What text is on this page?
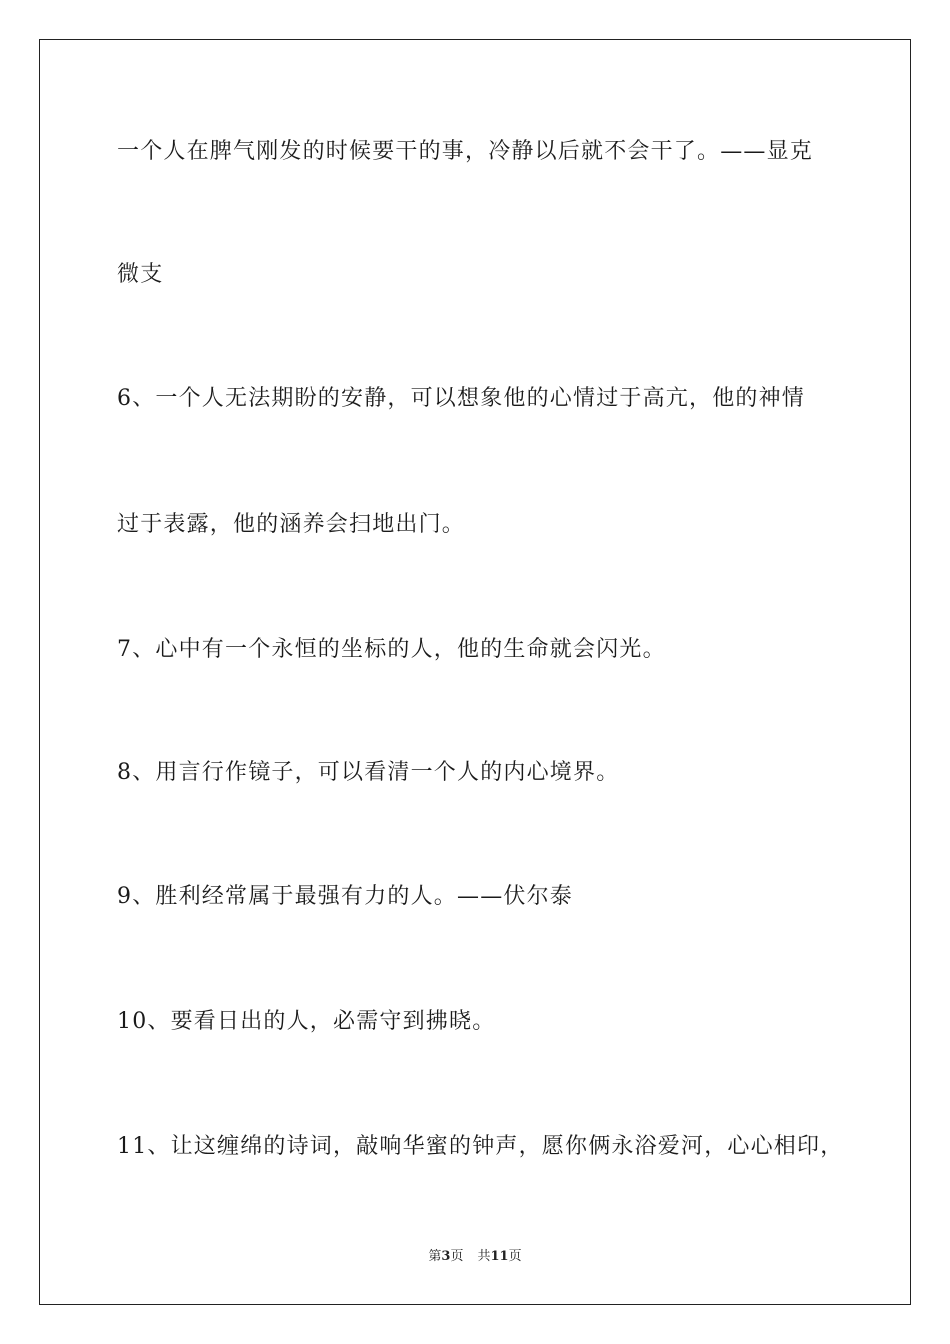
一个人在脾气刚发的时候要干的事，冷静以后就不会干了。——显克
微支
6、一个人无法期盼的安静，可以想象他的心情过于高亢，他的神情
过于表露，他的涵养会扫地出门。
7、心中有一个永恒的坐标的人，他的生命就会闪光。
8、用言行作镜子，可以看清一个人的内心境界。
9、胜利经常属于最强有力的人。——伏尔泰
10、要看日出的人，必需守到拂晓。
11、让这缠绵的诗词，敲响华蜜的钟声，愿你俩永浴爱河，心心相印，
第3页 共11页
